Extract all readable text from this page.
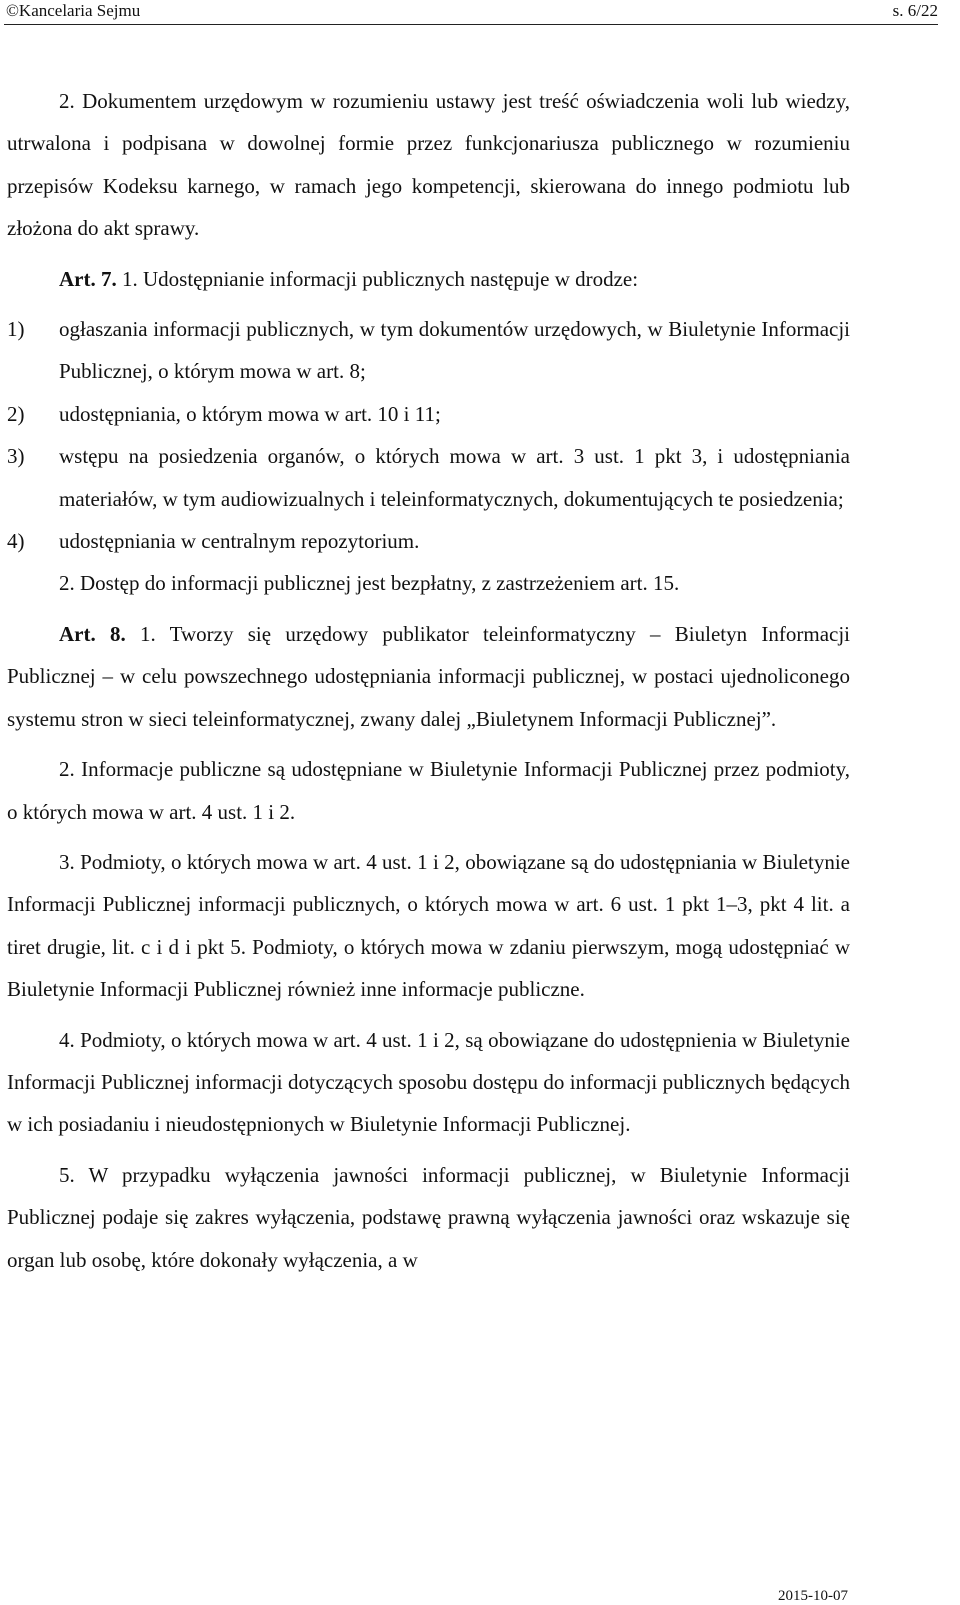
©Kancelaria Sejmu	s. 6/22

2. Dokumentem urzędowym w rozumieniu ustawy jest treść oświadczenia woli lub wiedzy, utrwalona i podpisana w dowolnej formie przez funkcjonariusza publicznego w rozumieniu przepisów Kodeksu karnego, w ramach jego kompetencji, skierowana do innego podmiotu lub złożona do akt sprawy.

Art. 7. 1. Udostępnianie informacji publicznych następuje w drodze:

1)	ogłaszania informacji publicznych, w tym dokumentów urzędowych, w Biuletynie Informacji Publicznej, o którym mowa w art. 8;
2)	udostępniania, o którym mowa w art. 10 i 11;
3)	wstępu na posiedzenia organów, o których mowa w art. 3 ust. 1 pkt 3, i udostępniania materiałów, w tym audiowizualnych i teleinformatycznych, dokumentujących te posiedzenia;
4)	udostępniania w centralnym repozytorium.

2. Dostęp do informacji publicznej jest bezpłatny, z zastrzeżeniem art. 15.

Art. 8. 1. Tworzy się urzędowy publikator teleinformatyczny – Biuletyn Informacji Publicznej – w celu powszechnego udostępniania informacji publicznej, w postaci ujednoliconego systemu stron w sieci teleinformatycznej, zwany dalej „Biuletynem Informacji Publicznej”.

2. Informacje publiczne są udostępniane w Biuletynie Informacji Publicznej przez podmioty, o których mowa w art. 4 ust. 1 i 2.

3. Podmioty, o których mowa w art. 4 ust. 1 i 2, obowiązane są do udostępniania w Biuletynie Informacji Publicznej informacji publicznych, o których mowa w art. 6 ust. 1 pkt 1–3, pkt 4 lit. a tiret drugie, lit. c i d i pkt 5. Podmioty, o których mowa w zdaniu pierwszym, mogą udostępniać w Biuletynie Informacji Publicznej również inne informacje publiczne.

4. Podmioty, o których mowa w art. 4 ust. 1 i 2, są obowiązane do udostępnienia w Biuletynie Informacji Publicznej informacji dotyczących sposobu dostępu do informacji publicznych będących w ich posiadaniu i nieudostępnionych w Biuletynie Informacji Publicznej.

5. W przypadku wyłączenia jawności informacji publicznej, w Biuletynie Informacji Publicznej podaje się zakres wyłączenia, podstawę prawną wyłączenia jawności oraz wskazuje się organ lub osobę, które dokonały wyłączenia, a w

2015-10-07
